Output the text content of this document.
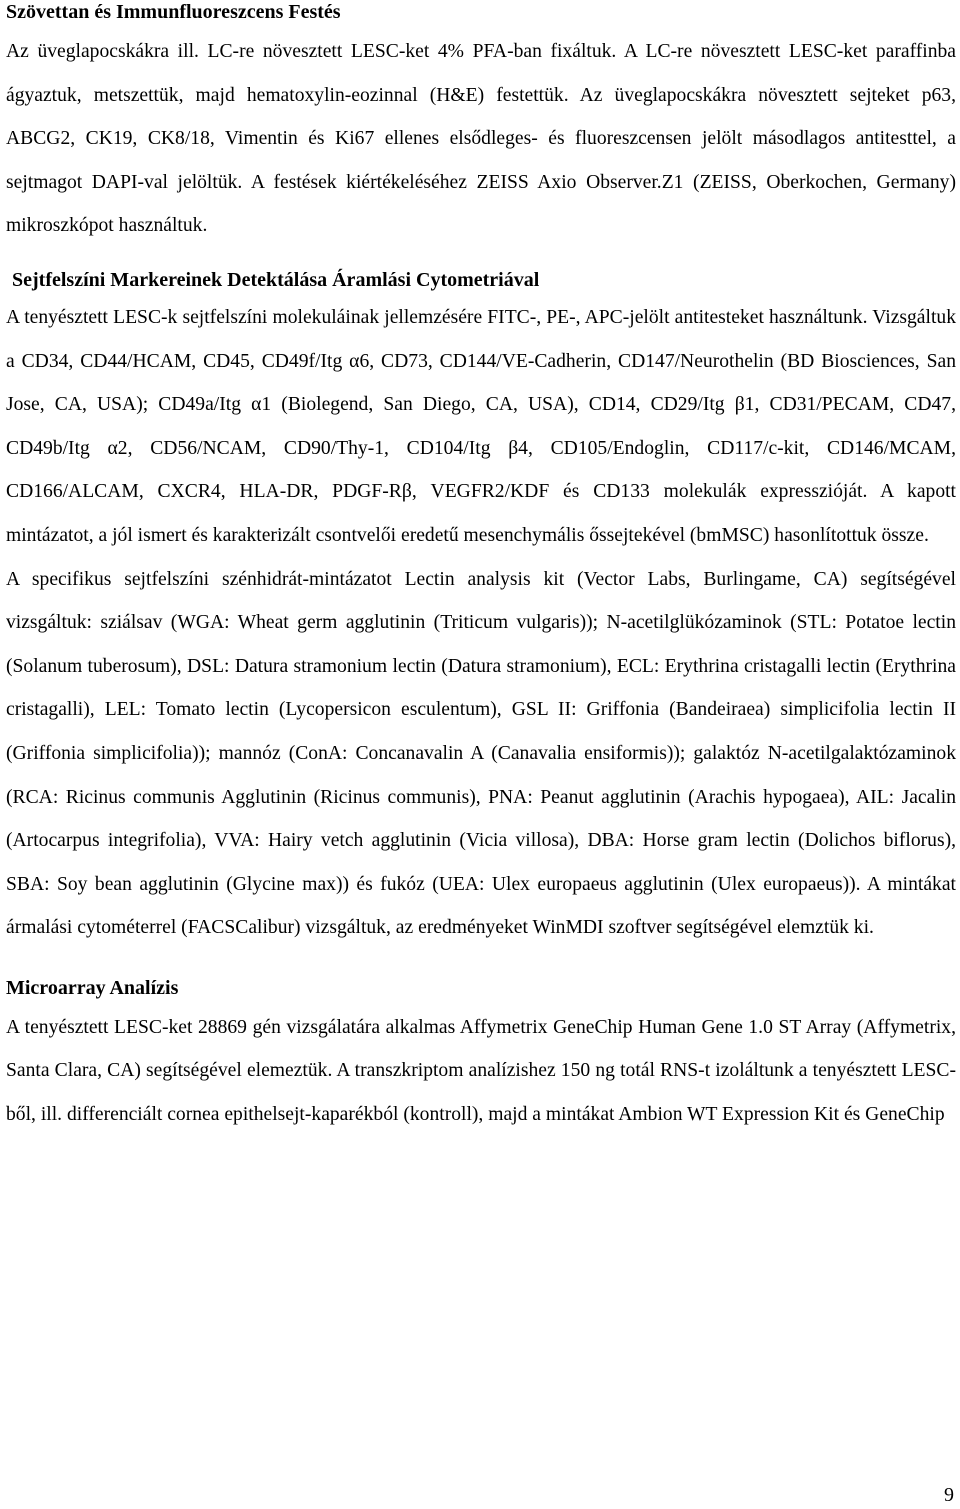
Szövettan és Immunfluoreszcens Festés

Az üveglapocskákra ill. LC-re növesztett LESC-ket 4% PFA-ban fixáltuk. A LC-re növesztett LESC-ket paraffinba ágyaztuk, metszettük, majd hematoxylin-eozinnal (H&E) festettük. Az üveglapocskákra növesztett sejteket p63, ABCG2, CK19, CK8/18, Vimentin és Ki67 ellenes elsődleges- és fluoreszcensen jelölt másodlagos antitesttel, a sejtmagot DAPI-val jelöltük. A festések kiértékeléséhez ZEISS Axio Observer.Z1 (ZEISS, Oberkochen, Germany) mikroszkópot használtuk.

Sejtfelszíni Markereinek Detektálása Áramlási Cytometriával

A tenyésztett LESC-k sejtfelszíni molekuláinak jellemzésére FITC-, PE-, APC-jelölt antitesteket használtunk. Vizsgáltuk a CD34, CD44/HCAM, CD45, CD49f/Itg α6, CD73, CD144/VE-Cadherin, CD147/Neurothelin (BD Biosciences, San Jose, CA, USA); CD49a/Itg α1 (Biolegend, San Diego, CA, USA), CD14, CD29/Itg β1, CD31/PECAM, CD47, CD49b/Itg α2, CD56/NCAM, CD90/Thy-1, CD104/Itg β4, CD105/Endoglin, CD117/c-kit, CD146/MCAM, CD166/ALCAM, CXCR4, HLA-DR, PDGF-Rβ, VEGFR2/KDF és CD133 molekulák expresszióját. A kapott mintázatot, a jól ismert és karakterizált csontvelői eredetű mesenchymális őssejtekével (bmMSC) hasonlítottuk össze.

A specifikus sejtfelszíni szénhidrát-mintázatot Lectin analysis kit (Vector Labs, Burlingame, CA) segítségével vizsgáltuk: sziálsav (WGA: Wheat germ agglutinin (Triticum vulgaris)); N-acetilglükózaminok (STL: Potatoe lectin (Solanum tuberosum), DSL: Datura stramonium lectin (Datura stramonium), ECL: Erythrina cristagalli lectin (Erythrina cristagalli), LEL: Tomato lectin (Lycopersicon esculentum), GSL II: Griffonia (Bandeiraea) simplicifolia lectin II (Griffonia simplicifolia)); mannóz (ConA: Concanavalin A (Canavalia ensiformis)); galaktóz N-acetilgalaktózaminok (RCA: Ricinus communis Agglutinin (Ricinus communis), PNA: Peanut agglutinin (Arachis hypogaea), AIL: Jacalin (Artocarpus integrifolia), VVA: Hairy vetch agglutinin (Vicia villosa), DBA: Horse gram lectin (Dolichos biflorus), SBA: Soy bean agglutinin (Glycine max)) és fukóz (UEA: Ulex europaeus agglutinin (Ulex europaeus)). A mintákat ármalási cytométerrel (FACSCalibur) vizsgáltuk, az eredményeket WinMDI szoftver segítségével elemztük ki.

Microarray Analízis

A tenyésztett LESC-ket 28869 gén vizsgálatára alkalmas Affymetrix GeneChip Human Gene 1.0 ST Array (Affymetrix, Santa Clara, CA) segítségével elemeztük. A transzkriptom analízishez 150 ng totál RNS-t izoláltunk a tenyésztett LESC-ből, ill. differenciált cornea epithelsejt-kaparékból (kontroll), majd a mintákat Ambion WT Expression Kit és GeneChip

9
